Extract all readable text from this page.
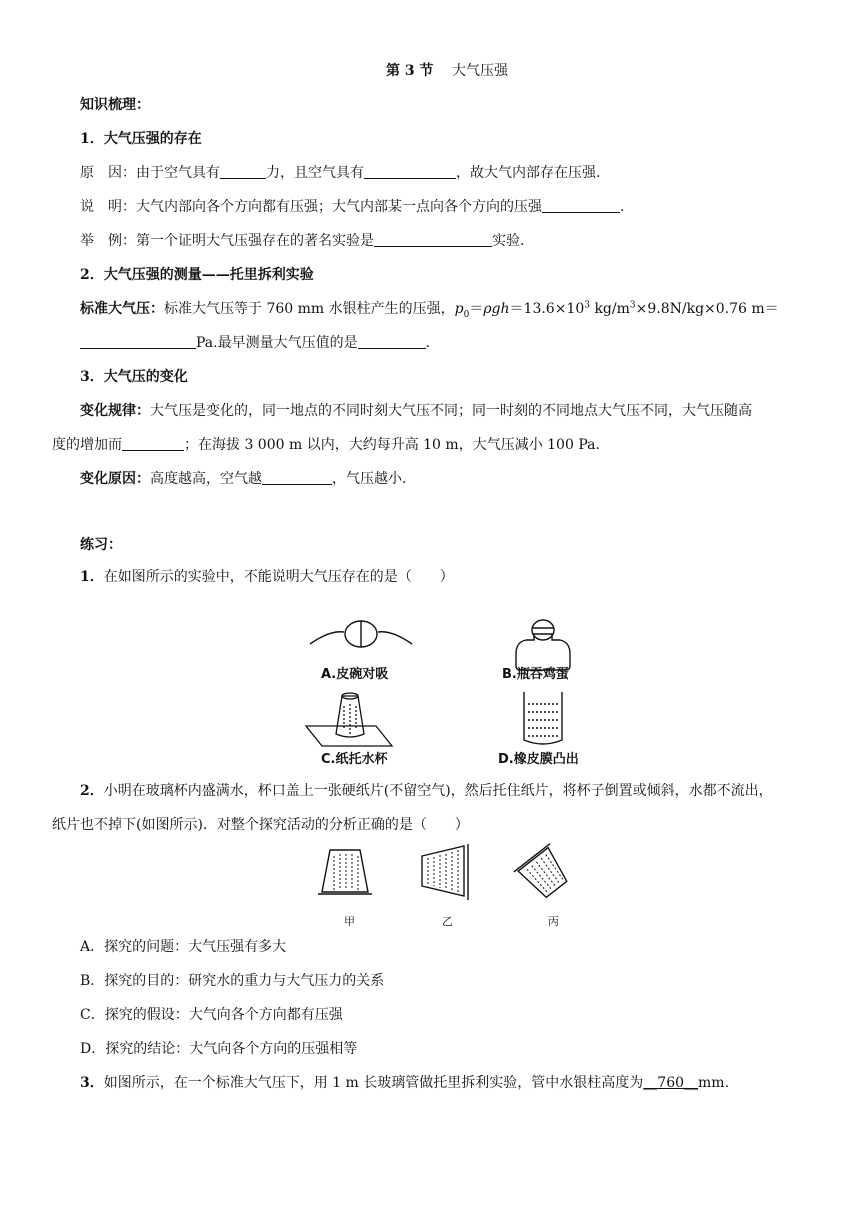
第 3 节　 大气压强
知识梳理：
1．大气压强的存在
原　因：由于空气具有	力，且空气具有	，故大气内部存在压强.
说　明：大气内部向各个方向都有压强；大气内部某一点向各个方向的压强	.
举　例：第一个证明大气压强存在的著名实验是	实验.
2．大气压强的测量——托里拆利实验
标准大气压：标准大气压等于 760 mm 水银柱产生的压强，$p_0=\rho gh=13.6\times 10^3$ $kg/m^3\times 9.8N/kg\times 0.76$ m＝
Pa.最早测量大气压值的是	.
3．大气压的变化
变化规律：大气压是变化的，同一地点的不同时刻大气压不同；同一时刻的不同地点大气压不同，大气压随高
度的增加而	；在海拔 3 000 m 以内，大约每升高 10 m，大气压减小 100 Pa.
变化原因：高度越高，空气越	，气压越小.
练习：
1．在如图所示的实验中，不能说明大气压存在的是（　　）
A.皮碗对吸	B.瓶吞鸡蛋
C.纸托水杯	D.橡皮膜凸出
2．小明在玻璃杯内盛满水，杯口盖上一张硬纸片(不留空气)，然后托住纸片，将杯子倒置或倾斜，水都不流出，
纸片也不掉下(如图所示)．对整个探究活动的分析正确的是（　　）
甲	乙	丙
A．探究的问题：大气压强有多大
B．探究的目的：研究水的重力与大气压力的关系
C．探究的假设：大气向各个方向都有压强
D．探究的结论：大气向各个方向的压强相等
3．如图所示，在一个标准大气压下，用 1 m 长玻璃管做托里拆利实验，管中水银柱高度为__760__mm.
